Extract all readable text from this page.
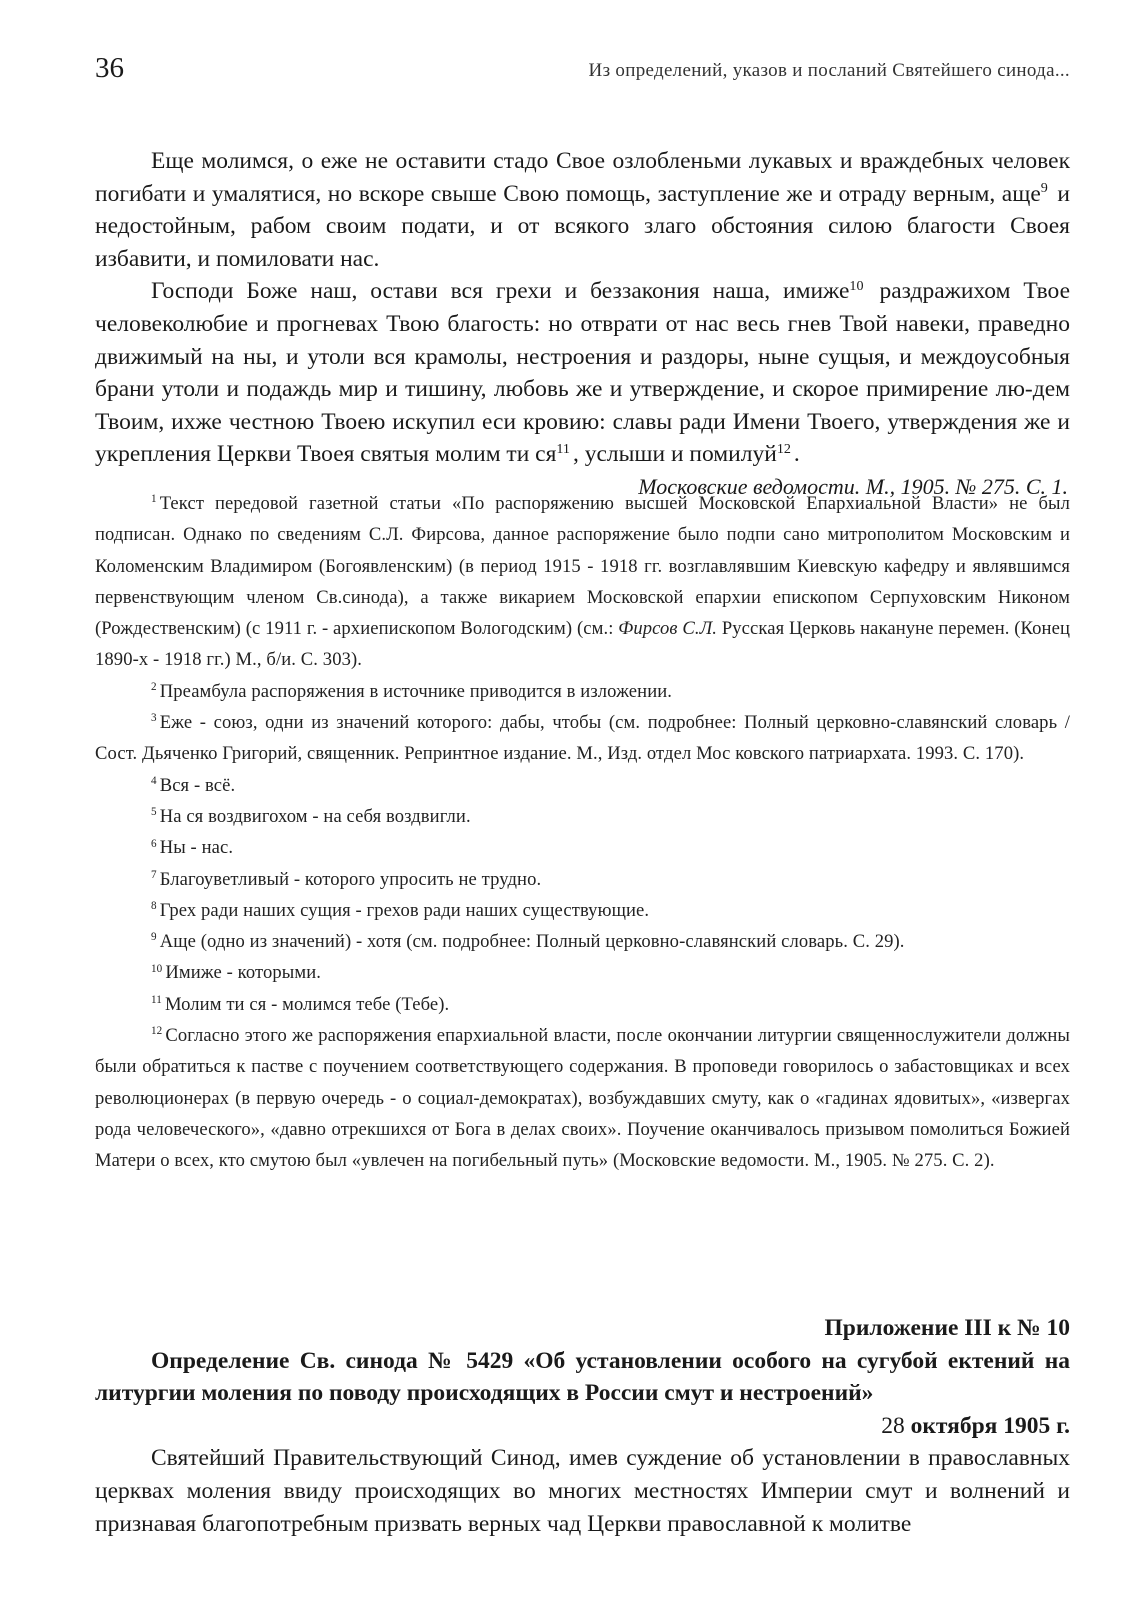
36	Из определений, указов и посланий Святейшего синода...

Еще молимся, о еже не оставити стадо Свое озлобленьми лукавых и враждебных человек погибати и умалятися, но вскоре свыше Свою помощь, заступление же и отраду верным, аще$^9$ и недостойным, рабом своим подати, и от всякого злаго обстояния силою благости Своея избавити, и помиловати нас.

Господи Боже наш, остави вся грехи и беззакония наша, имиже$^{10}$ раздражихом Твое человеколюбие и прогневах Твою благость: но отврати от нас весь гнев Твой навеки, праведно движимый на ны, и утоли вся крамолы, нестроения и раздоры, ныне сущыя, и междоусобныя брани утоли и подаждь мир и тишину, любовь же и утверждение, и скорое примирение лю-дем Твоим, ихже честною Твоею искупил еси кровию: славы ради Имени Твоего, утверждения же и укрепления Церкви Твоея святыя молим ти $ся^{11}$ , услыши и помилуй$^{12}$ .

Московские ведомости. М., 1905. № 275. С. 1.

$^1$ Текст передовой газетной статьи «По распоряжению высшей Московской Епархиальной Власти» не был подписан. Однако по сведениям С.Л. Фирсова, данное распоряжение было подпи сано митрополитом Московским и Коломенским Владимиром (Богоявленским) (в период 1915 - 1918 гг. возглавлявшим Киевскую кафедру и являвшимся первенствующим членом Св.синода), а также викарием Московской епархии епископом Серпуховским Никоном (Рождественским) (с 1911 г. - архиепископом Вологодским) (см.: Фирсов С.Л. Русская Церковь накануне перемен. (Конец 1890-х - 1918 гг.) М., б/и. С. 303).

$^2$ Преамбула распоряжения в источнике приводится в изложении.

$^3$ Еже - союз, одни из значений которого: дабы, чтобы (см. подробнее: Полный церковно-славянский словарь / Сост. Дьяченко Григорий, священник. Репринтное издание. М., Изд. отдел Мос ковского патриархата. 1993. С. 170).

$^4$ Вся - всё.

$^5$ На ся воздвигохом - на себя воздвигли.

$^6$ Ны - нас.

$^7$ Благоуветливый - которого упросить не трудно.

$^8$ Грех ради наших сущия - грехов ради наших существующие.

$^9$ Аще (одно из значений) - хотя (см. подробнее: Полный церковно-славянский словарь. С. 29).

$^{10}$ Имиже - которыми.

$^{11}$ Молим ти ся - молимся тебе (Тебе).

$^{12}$ Согласно этого же распоряжения епархиальной власти, после окончании литургии священнослужители должны были обратиться к пастве с поучением соответствующего содержания. В проповеди говорилось о забастовщиках и всех революционерах (в первую очередь - о социал-демократах), возбуждавших смуту, как о «гадинах ядовитых», «извергах рода человеческого», «давно отрекшихся от Бога в делах своих». Поучение оканчивалось призывом помолиться Божией Матери о всех, кто смутою был «увлечен на погибельный путь» (Московские ведомости. М., 1905. № 275. С. 2).

Приложение III к № 10

Определение Св. синода № 5429 «Об установлении особого на сугубой ектений на литургии моления по поводу происходящих в России смут и нестроений»

28 октября 1905 г.

Святейший Правительствующий Синод, имев суждение об установлении в православных церквах моления ввиду происходящих во многих местностях Империи смут и волнений и признавая благопотребным призвать верных чад Церкви православной к молитве
